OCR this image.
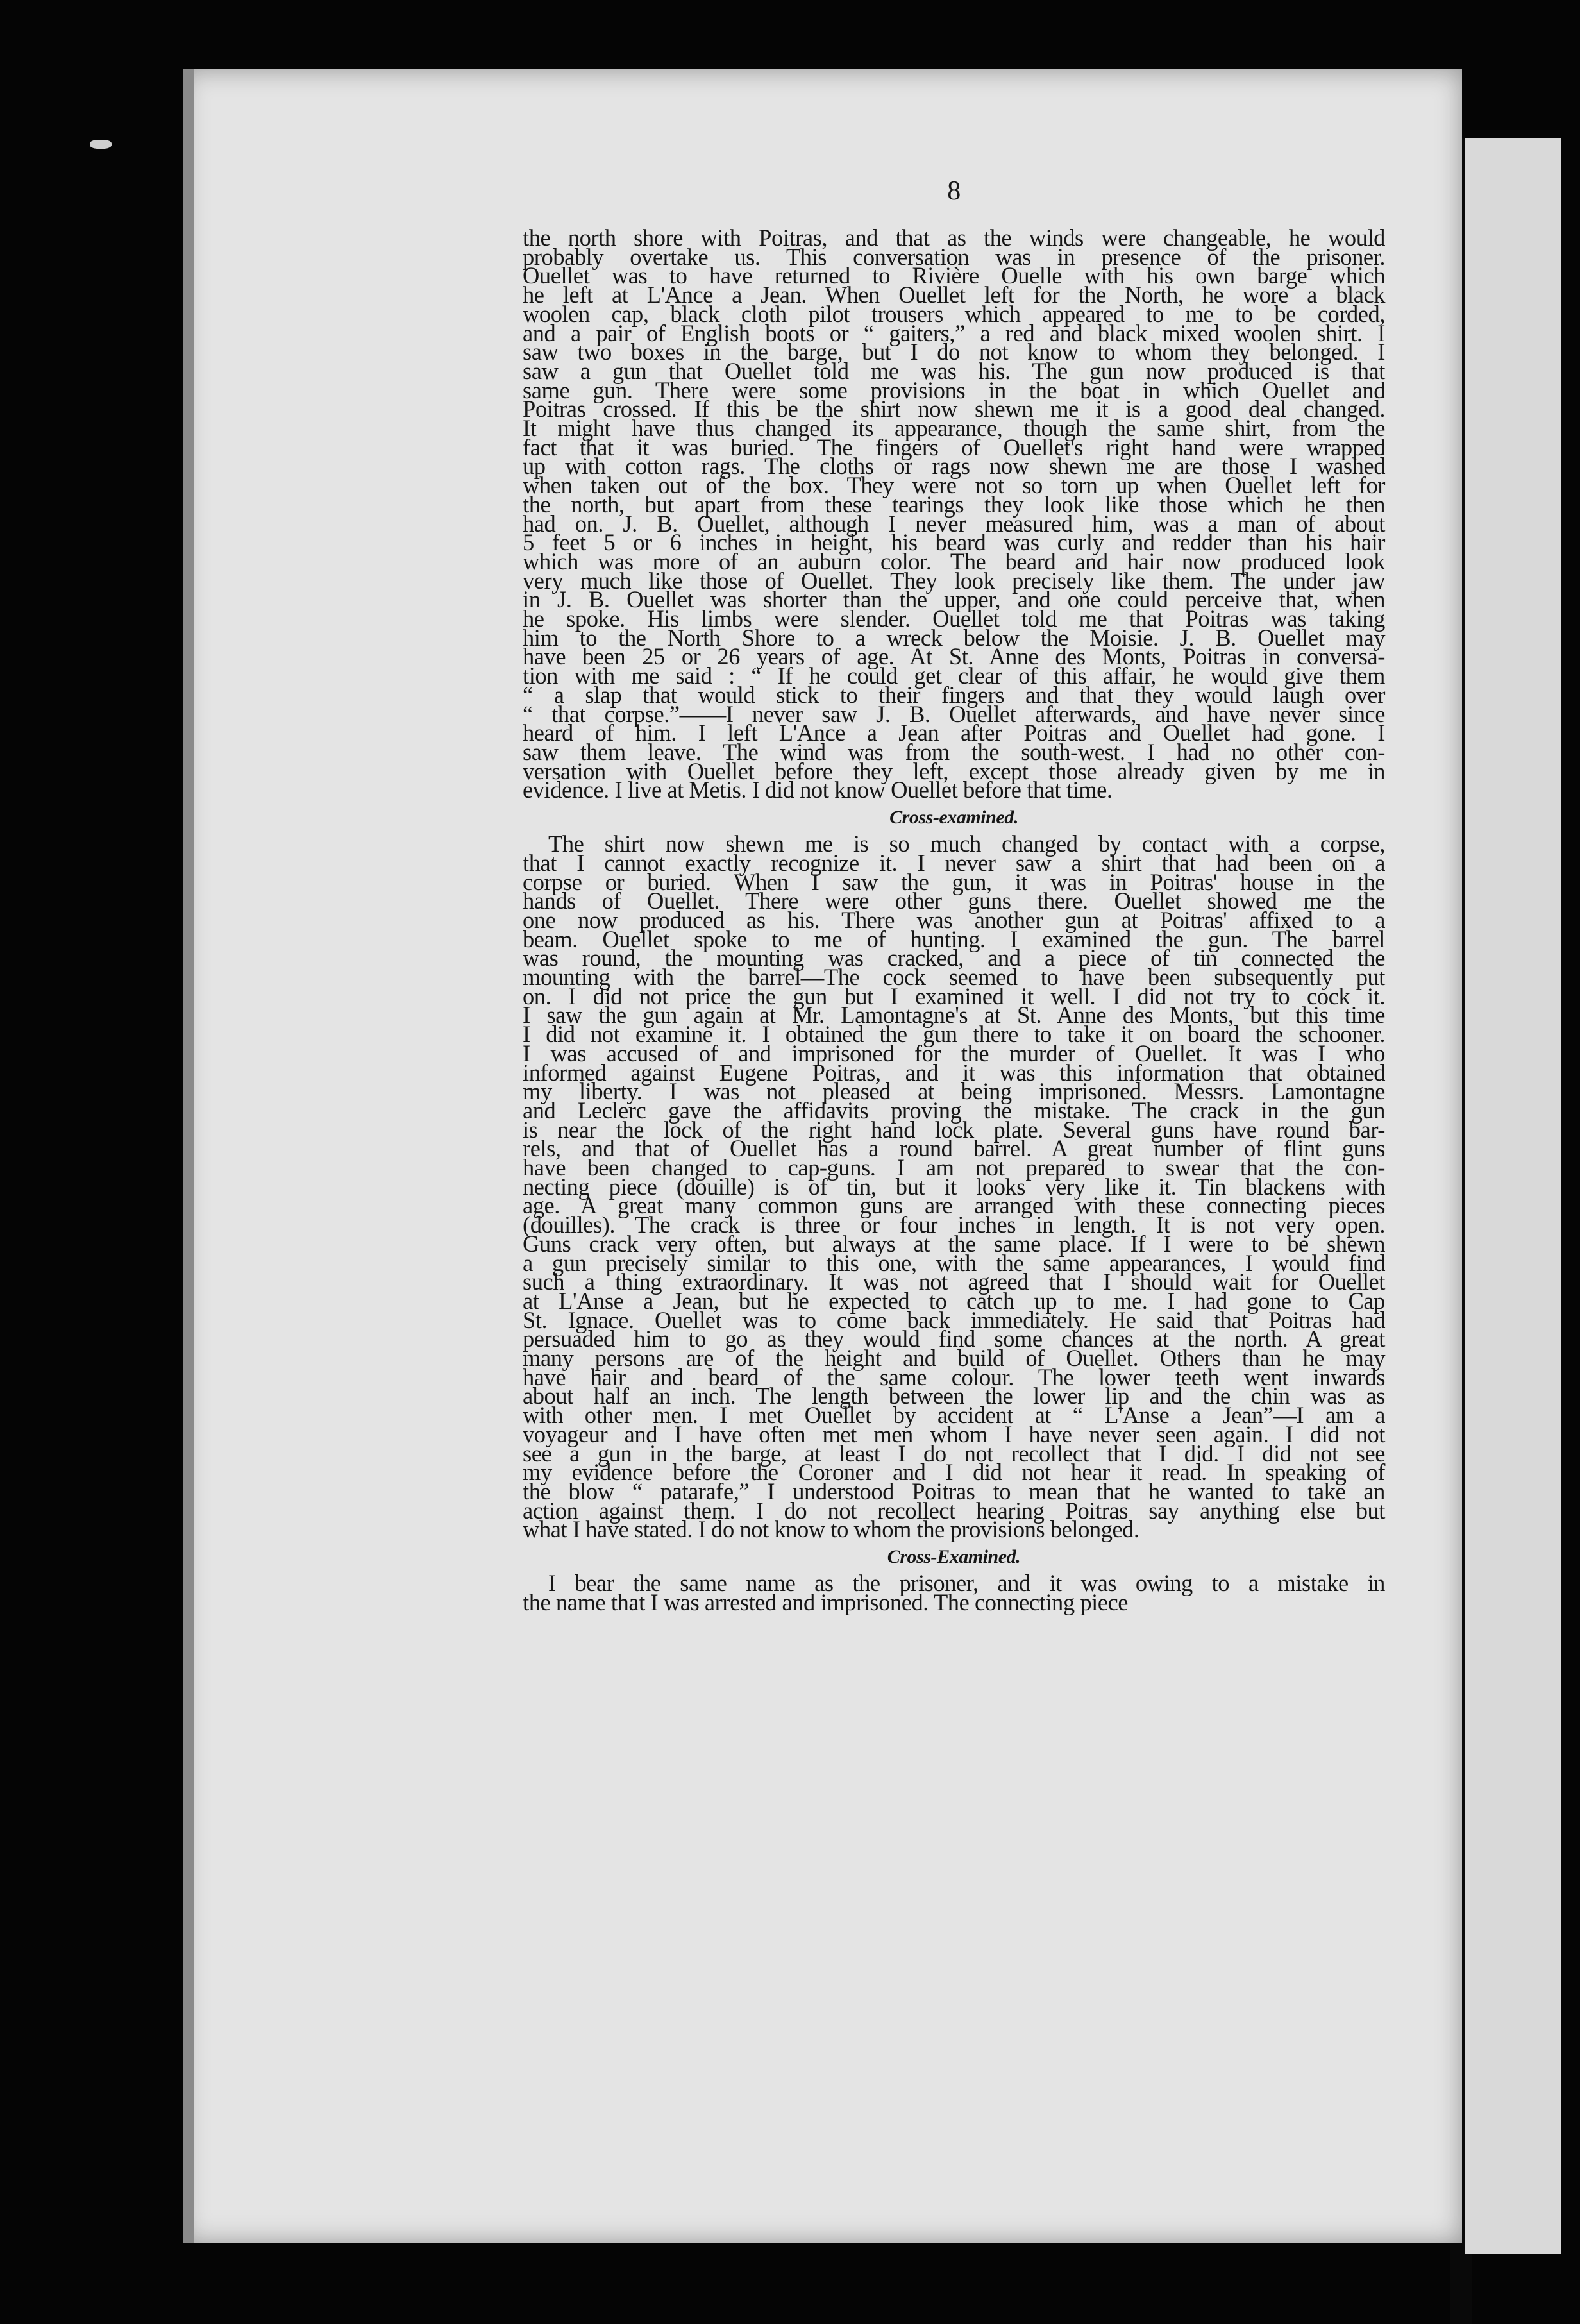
8
the north shore with Poitras, and that as the winds were changeable, he would
probably overtake us. This conversation was in presence of the prisoner.
Ouellet was to have returned to Rivière Ouelle with his own barge which
he left at L'Ance a Jean. When Ouellet left for the North, he wore a black
woolen cap, black cloth pilot trousers which appeared to me to be corded,
and a pair of English boots or “ gaiters,” a red and black mixed woolen shirt. I
saw two boxes in the barge, but I do not know to whom they belonged. I
saw a gun that Ouellet told me was his. The gun now produced is that
same gun. There were some provisions in the boat in which Ouellet and
Poitras crossed. If this be the shirt now shewn me it is a good deal changed.
It might have thus changed its appearance, though the same shirt, from the
fact that it was buried. The fingers of Ouellet's right hand were wrapped
up with cotton rags. The cloths or rags now shewn me are those I washed
when taken out of the box. They were not so torn up when Ouellet left for
the north, but apart from these tearings they look like those which he then
had on. J. B. Ouellet, although I never measured him, was a man of about
5 feet 5 or 6 inches in height, his beard was curly and redder than his hair
which was more of an auburn color. The beard and hair now produced look
very much like those of Ouellet. They look precisely like them. The under jaw
in J. B. Ouellet was shorter than the upper, and one could perceive that, when
he spoke. His limbs were slender. Ouellet told me that Poitras was taking
him to the North Shore to a wreck below the Moisie. J. B. Ouellet may
have been 25 or 26 years of age. At St. Anne des Monts, Poitras in conversa-
tion with me said : “ If he could get clear of this affair, he would give them
“ a slap that would stick to their fingers and that they would laugh over
“ that corpse.”——I never saw J. B. Ouellet afterwards, and have never since
heard of him. I left L'Ance a Jean after Poitras and Ouellet had gone. I
saw them leave. The wind was from the south-west. I had no other con-
versation with Ouellet before they left, except those already given by me in
evidence. I live at Metis. I did not know Ouellet before that time.
Cross-examined.
The shirt now shewn me is so much changed by contact with a corpse,
that I cannot exactly recognize it. I never saw a shirt that had been on a
corpse or buried. When I saw the gun, it was in Poitras' house in the
hands of Ouellet. There were other guns there. Ouellet showed me the
one now produced as his. There was another gun at Poitras' affixed to a
beam. Ouellet spoke to me of hunting. I examined the gun. The barrel
was round, the mounting was cracked, and a piece of tin connected the
mounting with the barrel—The cock seemed to have been subsequently put
on. I did not price the gun but I examined it well. I did not try to cock it.
I saw the gun again at Mr. Lamontagne's at St. Anne des Monts, but this time
I did not examine it. I obtained the gun there to take it on board the schooner.
I was accused of and imprisoned for the murder of Ouellet. It was I who
informed against Eugene Poitras, and it was this information that obtained
my liberty. I was not pleased at being imprisoned. Messrs. Lamontagne
and Leclerc gave the affidavits proving the mistake. The crack in the gun
is near the lock of the right hand lock plate. Several guns have round bar-
rels, and that of Ouellet has a round barrel. A great number of flint guns
have been changed to cap-guns. I am not prepared to swear that the con-
necting piece (douille) is of tin, but it looks very like it. Tin blackens with
age. A great many common guns are arranged with these connecting pieces
(douilles). The crack is three or four inches in length. It is not very open.
Guns crack very often, but always at the same place. If I were to be shewn
a gun precisely similar to this one, with the same appearances, I would find
such a thing extraordinary. It was not agreed that I should wait for Ouellet
at L'Anse a Jean, but he expected to catch up to me. I had gone to Cap
St. Ignace. Ouellet was to come back immediately. He said that Poitras had
persuaded him to go as they would find some chances at the north. A great
many persons are of the height and build of Ouellet. Others than he may
have hair and beard of the same colour. The lower teeth went inwards
about half an inch. The length between the lower lip and the chin was as
with other men. I met Ouellet by accident at “ L'Anse a Jean”—I am a
voyageur and I have often met men whom I have never seen again. I did not
see a gun in the barge, at least I do not recollect that I did. I did not see
my evidence before the Coroner and I did not hear it read. In speaking of
the blow “ patarafe,” I understood Poitras to mean that he wanted to take an
action against them. I do not recollect hearing Poitras say anything else but
what I have stated. I do not know to whom the provisions belonged.
Cross-Examined.
I bear the same name as the prisoner, and it was owing to a mistake in
the name that I was arrested and imprisoned. The connecting piece
